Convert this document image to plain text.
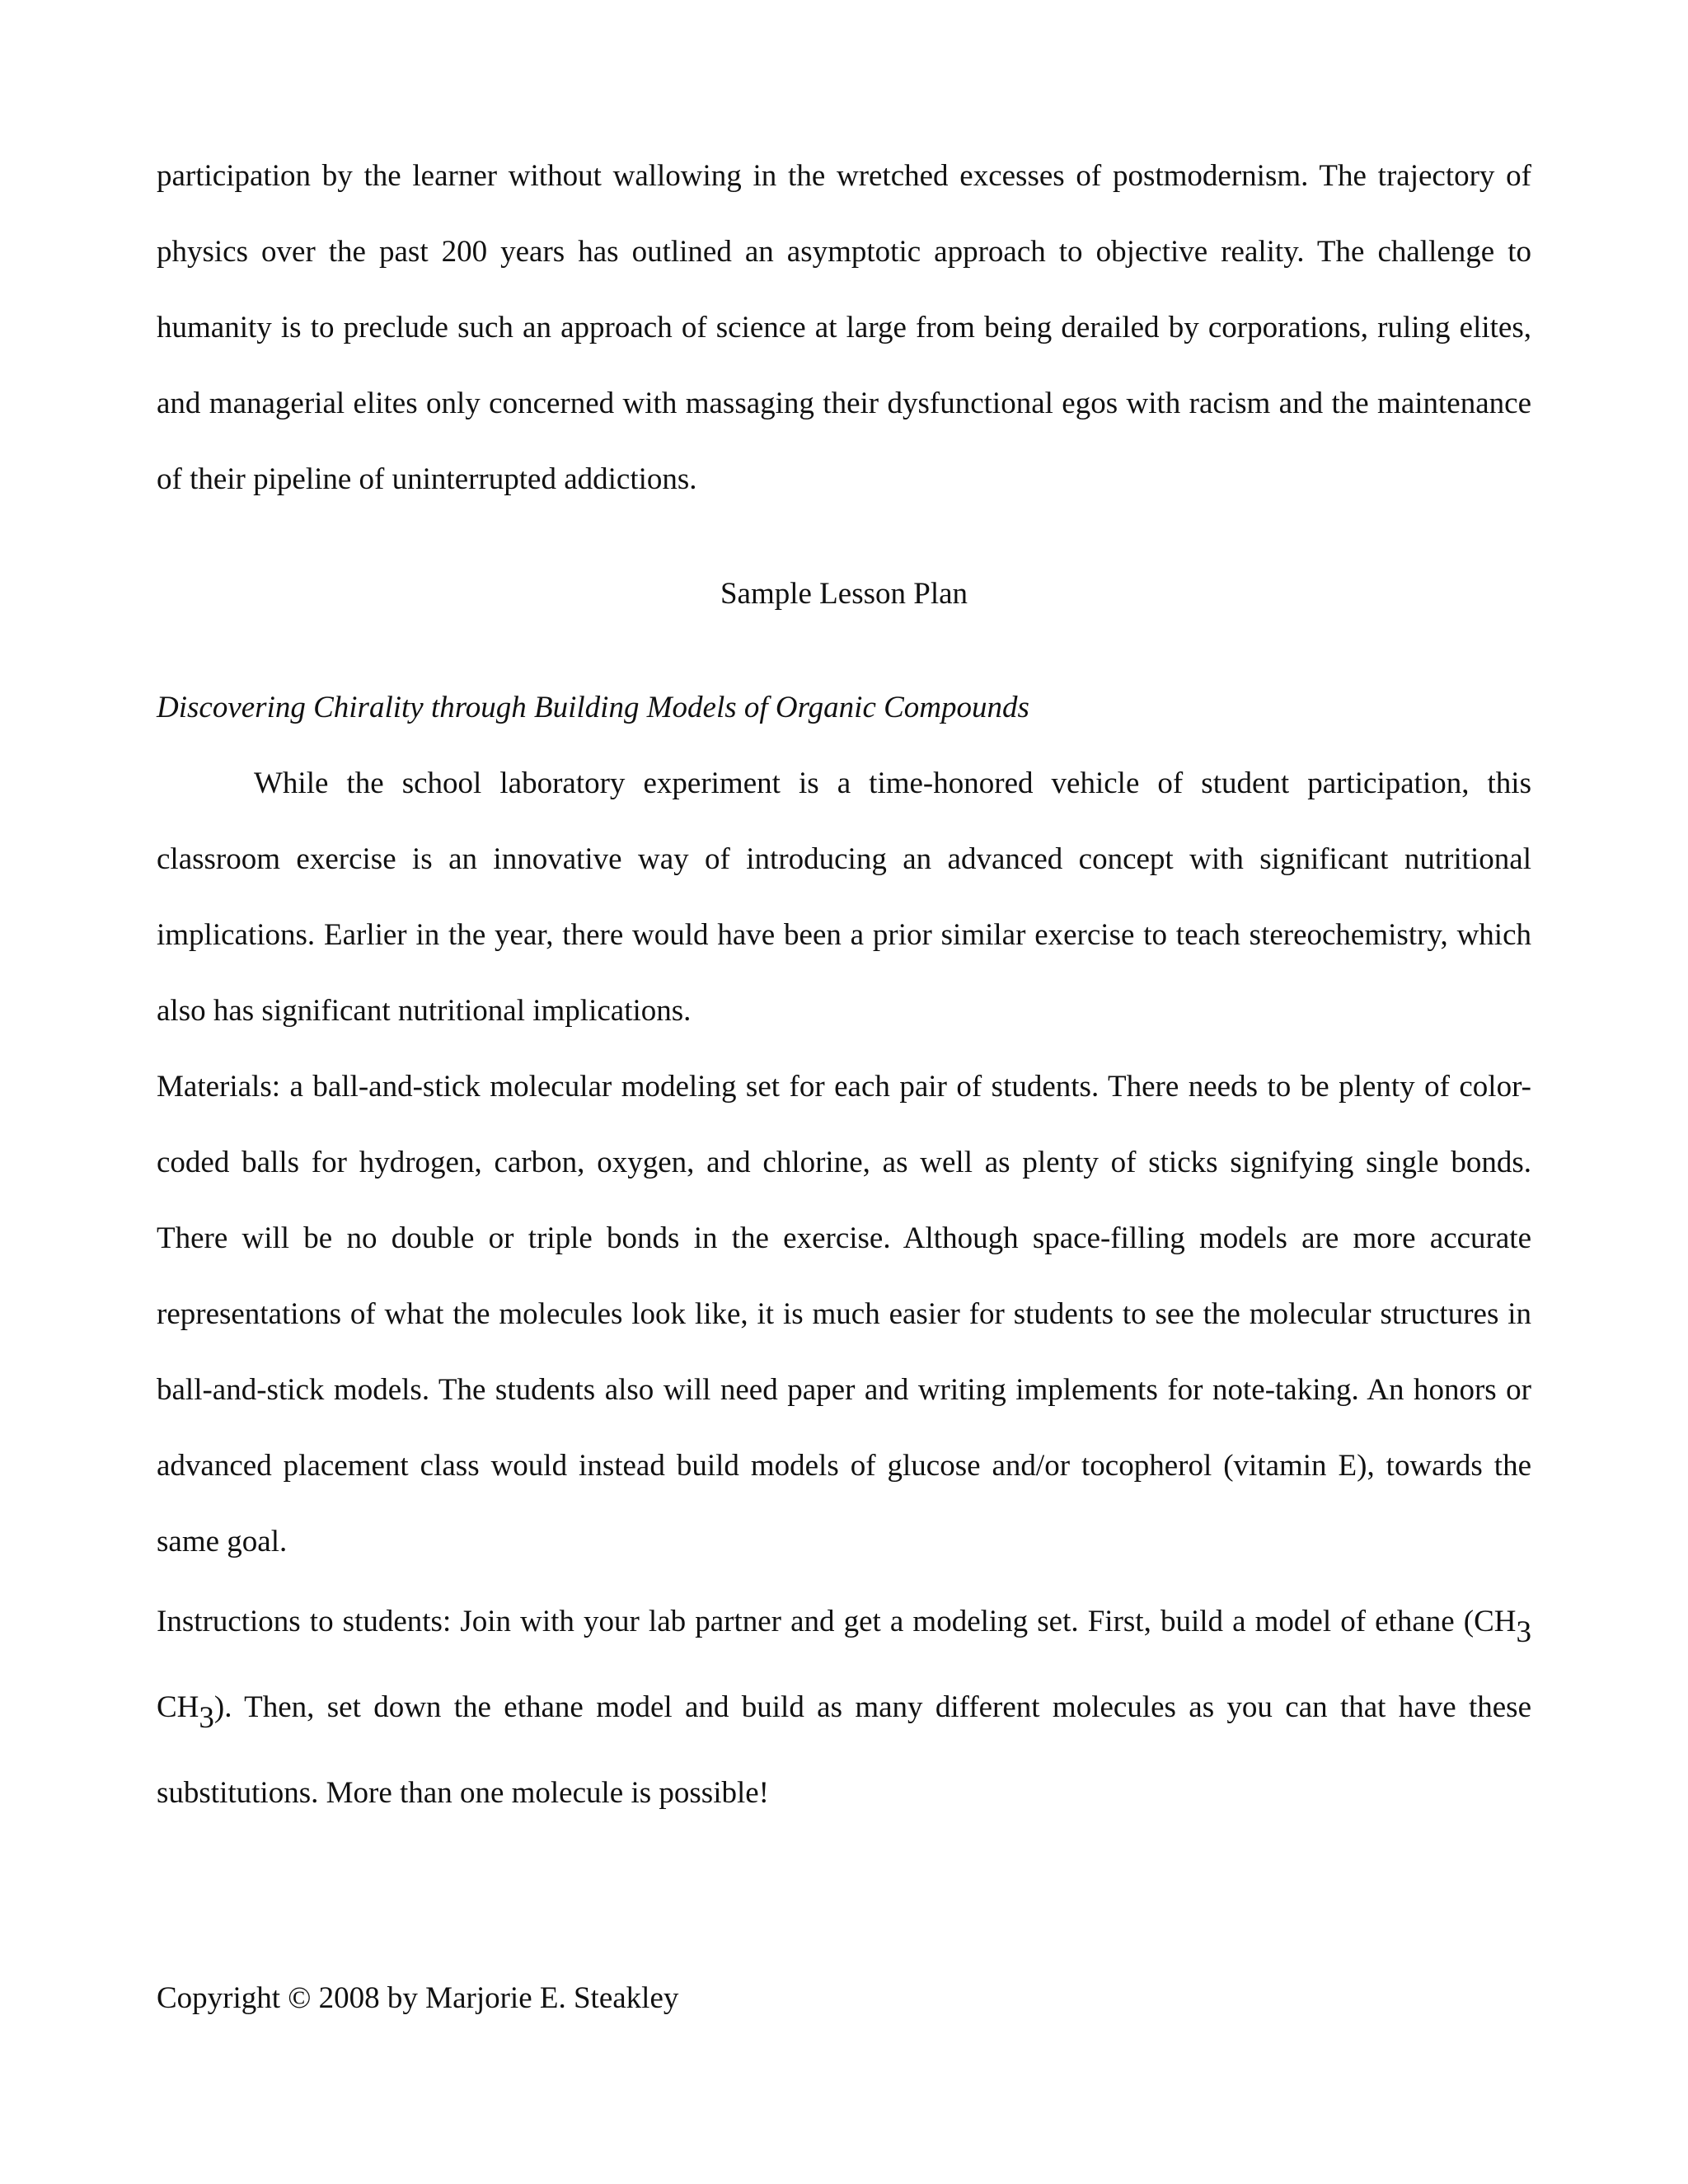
participation by the learner without wallowing in the wretched excesses of postmodernism. The trajectory of physics over the past 200 years has outlined an asymptotic approach to objective reality. The challenge to humanity is to preclude such an approach of science at large from being derailed by corporations, ruling elites, and managerial elites only concerned with massaging their dysfunctional egos with racism and the maintenance of their pipeline of uninterrupted addictions.

Sample Lesson Plan

Discovering Chirality through Building Models of Organic Compounds

While the school laboratory experiment is a time-honored vehicle of student participation, this classroom exercise is an innovative way of introducing an advanced concept with significant nutritional implications. Earlier in the year, there would have been a prior similar exercise to teach stereochemistry, which also has significant nutritional implications.

Materials: a ball-and-stick molecular modeling set for each pair of students. There needs to be plenty of color-coded balls for hydrogen, carbon, oxygen, and chlorine, as well as plenty of sticks signifying single bonds. There will be no double or triple bonds in the exercise. Although space-filling models are more accurate representations of what the molecules look like, it is much easier for students to see the molecular structures in ball-and-stick models. The students also will need paper and writing implements for note-taking. An honors or advanced placement class would instead build models of glucose and/or tocopherol (vitamin E), towards the same goal.

Instructions to students: Join with your lab partner and get a modeling set. First, build a model of ethane ($CH_3$ $CH_3$). Then, set down the ethane model and build as many different molecules as you can that have these substitutions. More than one molecule is possible!

Copyright © 2008 by Marjorie E. Steakley
